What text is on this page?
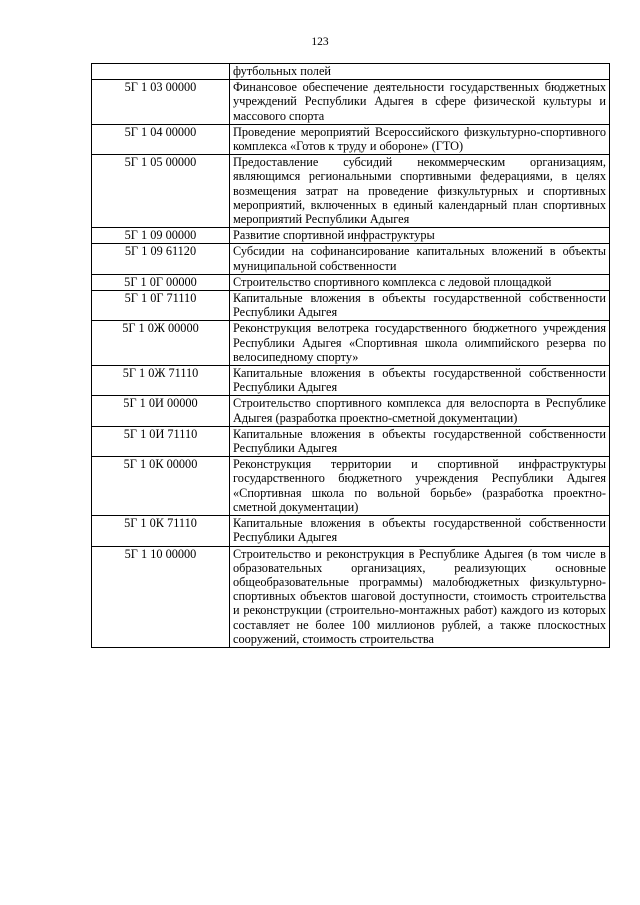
123
	футбольных полей
5Г 1 03 00000	Финансовое обеспечение деятельности государственных бюджетных учреждений Республики Адыгея в сфере физической культуры и массового спорта
5Г 1 04 00000	Проведение мероприятий Всероссийского физкультурно-спортивного комплекса «Готов к труду и обороне» (ГТО)
5Г 1 05 00000	Предоставление субсидий некоммерческим организациям, являющимся региональными спортивными федерациями, в целях возмещения затрат на проведение физкультурных и спортивных мероприятий, включенных в единый календарный план спортивных мероприятий Республики Адыгея
5Г 1 09 00000	Развитие спортивной инфраструктуры
5Г 1 09 61120	Субсидии на софинансирование капитальных вложений в объекты муниципальной собственности
5Г 1 0Г 00000	Строительство спортивного комплекса с ледовой площадкой
5Г 1 0Г 71110	Капитальные вложения в объекты государственной собственности Республики Адыгея
5Г 1 0Ж 00000	Реконструкция велотрека государственного бюджетного учреждения Республики Адыгея «Спортивная школа олимпийского резерва по велосипедному спорту»
5Г 1 0Ж 71110	Капитальные вложения в объекты государственной собственности Республики Адыгея
5Г 1 0И 00000	Строительство спортивного комплекса для велоспорта в Республике Адыгея (разработка проектно-сметной документации)
5Г 1 0И 71110	Капитальные вложения в объекты государственной собственности Республики Адыгея
5Г 1 0К 00000	Реконструкция территории и спортивной инфраструктуры государственного бюджетного учреждения Республики Адыгея «Спортивная школа по вольной борьбе» (разработка проектно-сметной документации)
5Г 1 0К 71110	Капитальные вложения в объекты государственной собственности Республики Адыгея
5Г 1 10 00000	Строительство и реконструкция в Республике Адыгея (в том числе в образовательных организациях, реализующих основные общеобразовательные программы) малобюджетных физкультурно-спортивных объектов шаговой доступности, стоимость строительства и реконструкции (строительно-монтажных работ) каждого из которых составляет не более 100 миллионов рублей, а также плоскостных сооружений, стоимость строительства
